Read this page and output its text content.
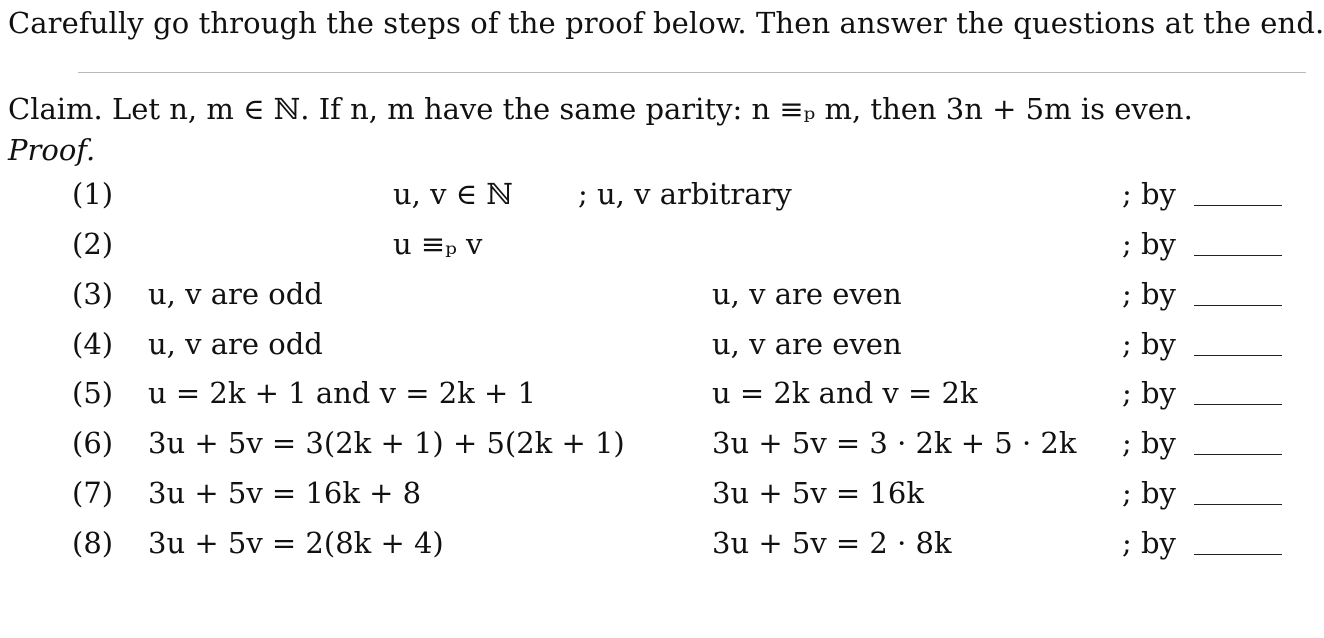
Carefully go through the steps of the proof below. Then answer the questions at the end.
Claim. Let n, m ∈ ℕ. If n, m have the same parity: n ≡ₚ m, then 3n + 5m is even.
Proof.
(1)	u, v ∈ ℕ ; u, v arbitrary	; by
(2)	u ≡ₚ v	; by
(3) u, v are odd	u, v are even	; by
(4) u, v are odd	u, v are even	; by
(5) u = 2k + 1 and v = 2k + 1	u = 2k and v = 2k	; by
(6) 3u + 5v = 3(2k + 1) + 5(2k + 1)	3u + 5v = 3 · 2k + 5 · 2k ; by
(7) 3u + 5v = 16k + 8	3u + 5v = 16k	; by
(8) 3u + 5v = 2(8k + 4)	3u + 5v = 2 · 8k	; by
